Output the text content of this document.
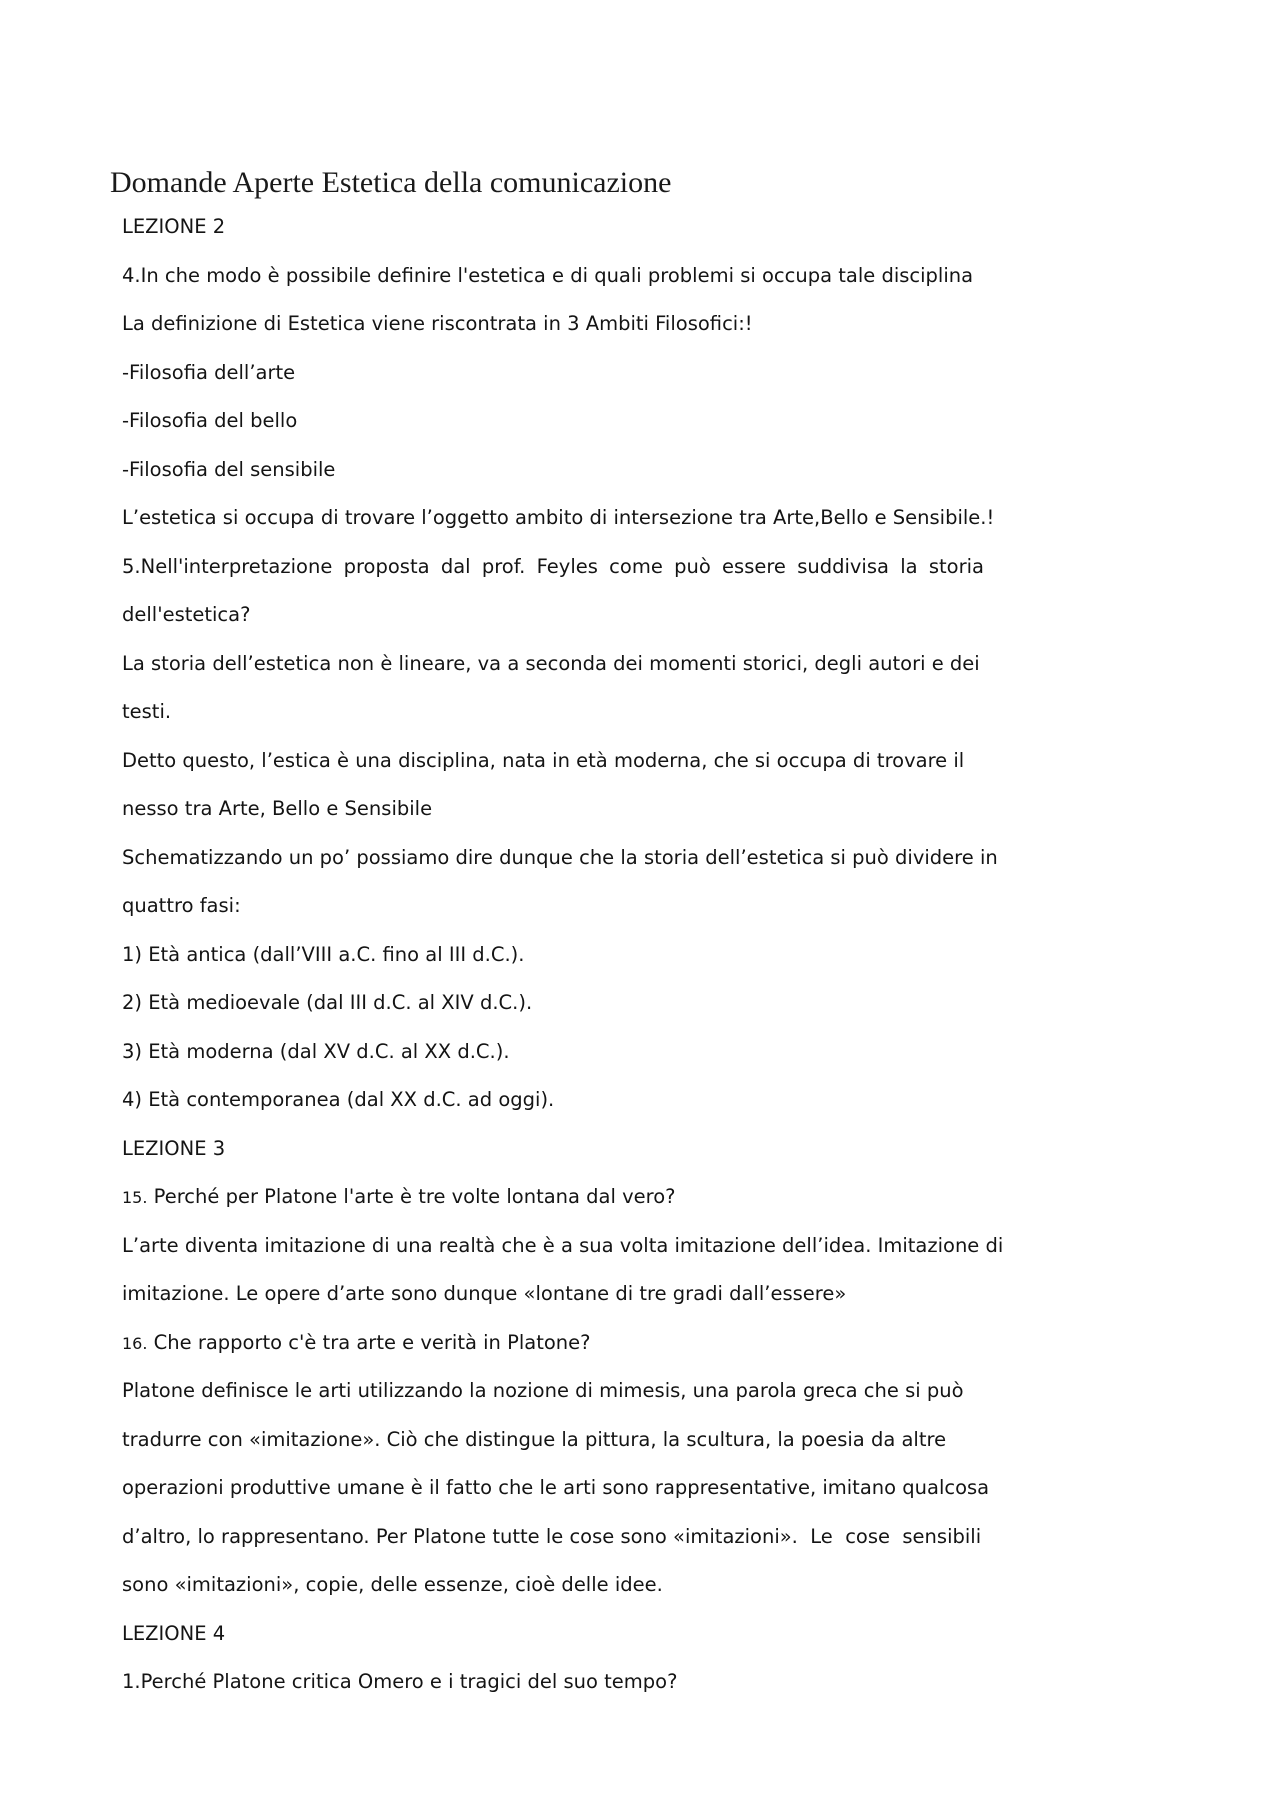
Domande Aperte Estetica della comunicazione
LEZIONE 2
4.In che modo è possibile definire l'estetica e di quali problemi si occupa tale disciplina
La definizione di Estetica viene riscontrata in 3 Ambiti Filosofici:!
-Filosofia dell’arte
-Filosofia del bello
-Filosofia del sensibile
L’estetica si occupa di trovare l’oggetto ambito di intersezione tra Arte,Bello e Sensibile.!
5.Nell'interpretazione proposta dal prof. Feyles come può essere suddivisa la storia
dell'estetica?
La storia dell’estetica non è lineare, va a seconda dei momenti storici, degli autori e dei
testi.
Detto questo, l’estica è una disciplina, nata in età moderna, che si occupa di trovare il
nesso tra Arte, Bello e Sensibile
Schematizzando un po’ possiamo dire dunque che la storia dell’estetica si può dividere in
quattro fasi:
1) Età antica (dall’VIII a.C. fino al III d.C.).
2) Età medioevale (dal III d.C. al XIV d.C.).
3) Età moderna (dal XV d.C. al XX d.C.).
4) Età contemporanea (dal XX d.C. ad oggi).
LEZIONE 3
15. Perché per Platone l'arte è tre volte lontana dal vero?
L’arte diventa imitazione di una realtà che è a sua volta imitazione dell’idea. Imitazione di
imitazione. Le opere d’arte sono dunque «lontane di tre gradi dall’essere»
16. Che rapporto c'è tra arte e verità in Platone?
Platone definisce le arti utilizzando la nozione di mimesis, una parola greca che si può
tradurre con «imitazione». Ciò che distingue la pittura, la scultura, la poesia da altre
operazioni produttive umane è il fatto che le arti sono rappresentative, imitano qualcosa
d’altro, lo rappresentano. Per Platone tutte le cose sono «imitazioni».  Le  cose  sensibili
sono «imitazioni», copie, delle essenze, cioè delle idee.
LEZIONE 4
1.Perché Platone critica Omero e i tragici del suo tempo?
